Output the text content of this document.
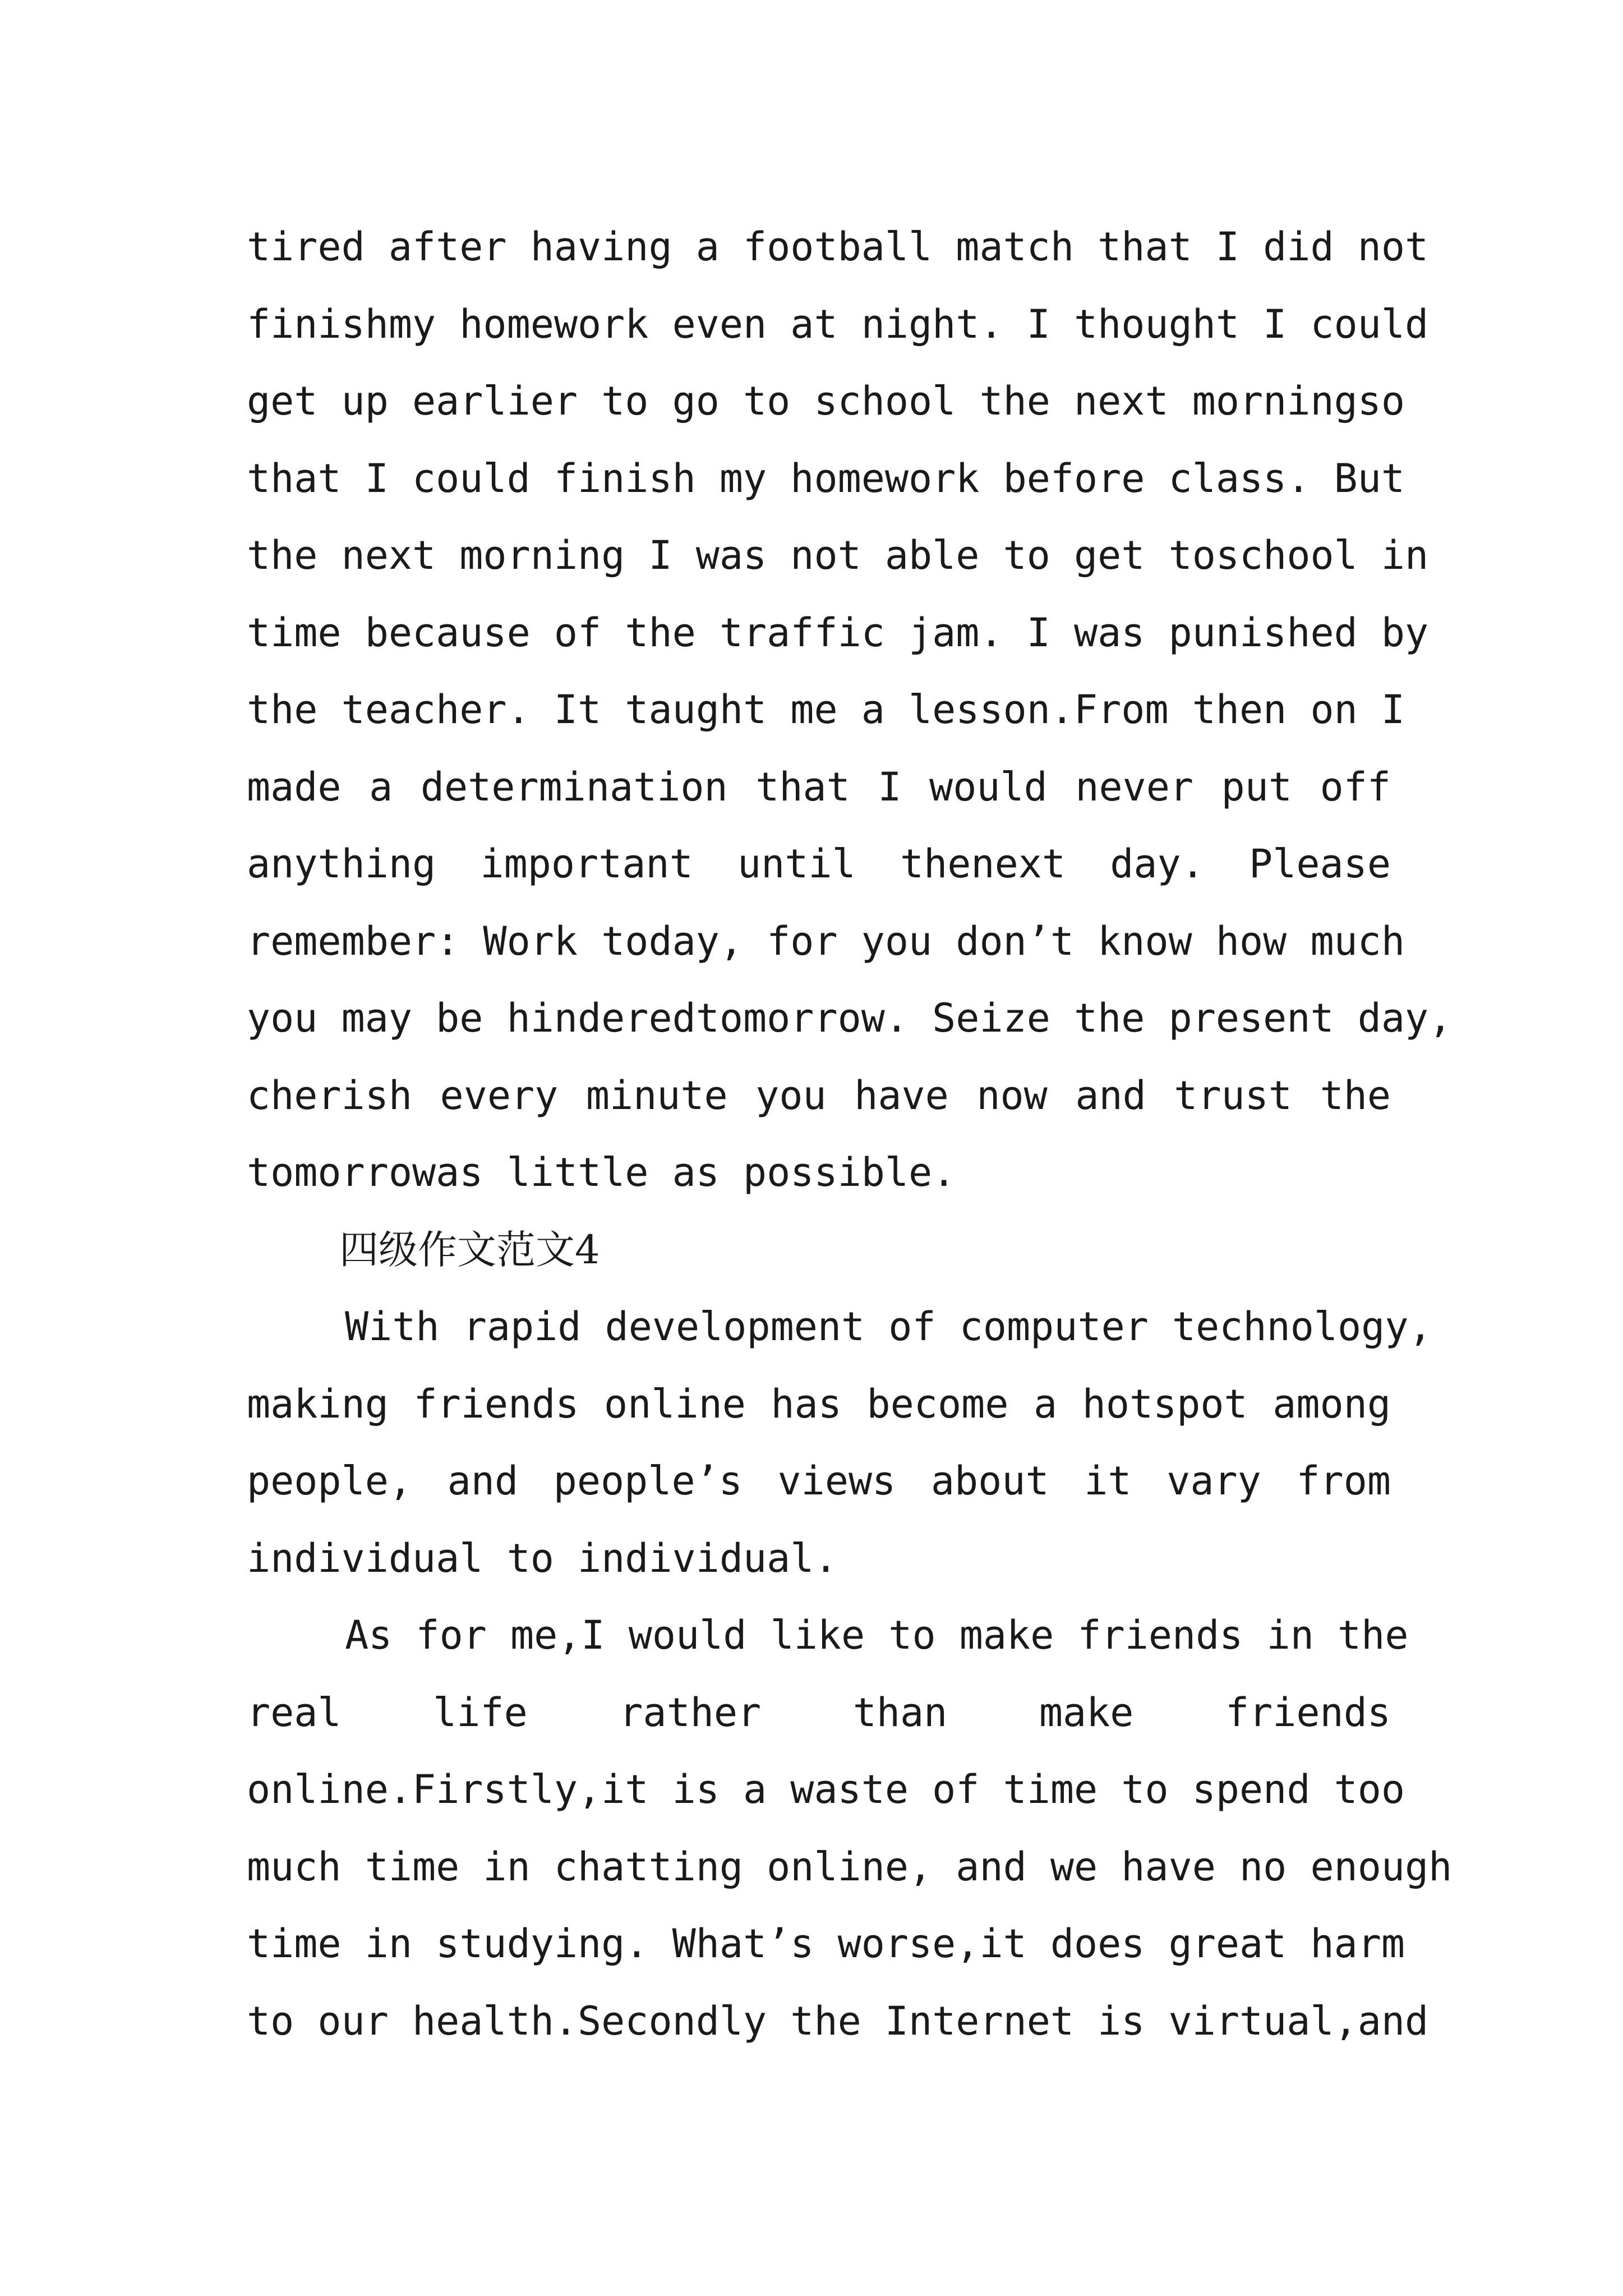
tired after having a football match that I did not
finishmy homework even at night. I thought I could
get up earlier to go to school the next morningso
that I could finish my homework before class. But
the next morning I was not able to get toschool in
time because of the traffic jam. I was punished by
the teacher. It taught me a lesson.From then on I
made a determination that I would never put off
anything important until thenext day. Please
remember: Work today, for you don’t know how much
you may be hinderedtomorrow. Seize the present day,
cherish every minute you have now and trust the
tomorrowas little as possible.
四级作文范文4
With rapid development of computer technology,
making friends online has become a hotspot among
people, and people’s views about it vary from
individual to individual.
As for me,I would like to make friends in the
real life rather than make friends
online.Firstly,it is a waste of time to spend too
much time in chatting online, and we have no enough
time in studying. What’s worse,it does great harm
to our health.Secondly the Internet is virtual,and
